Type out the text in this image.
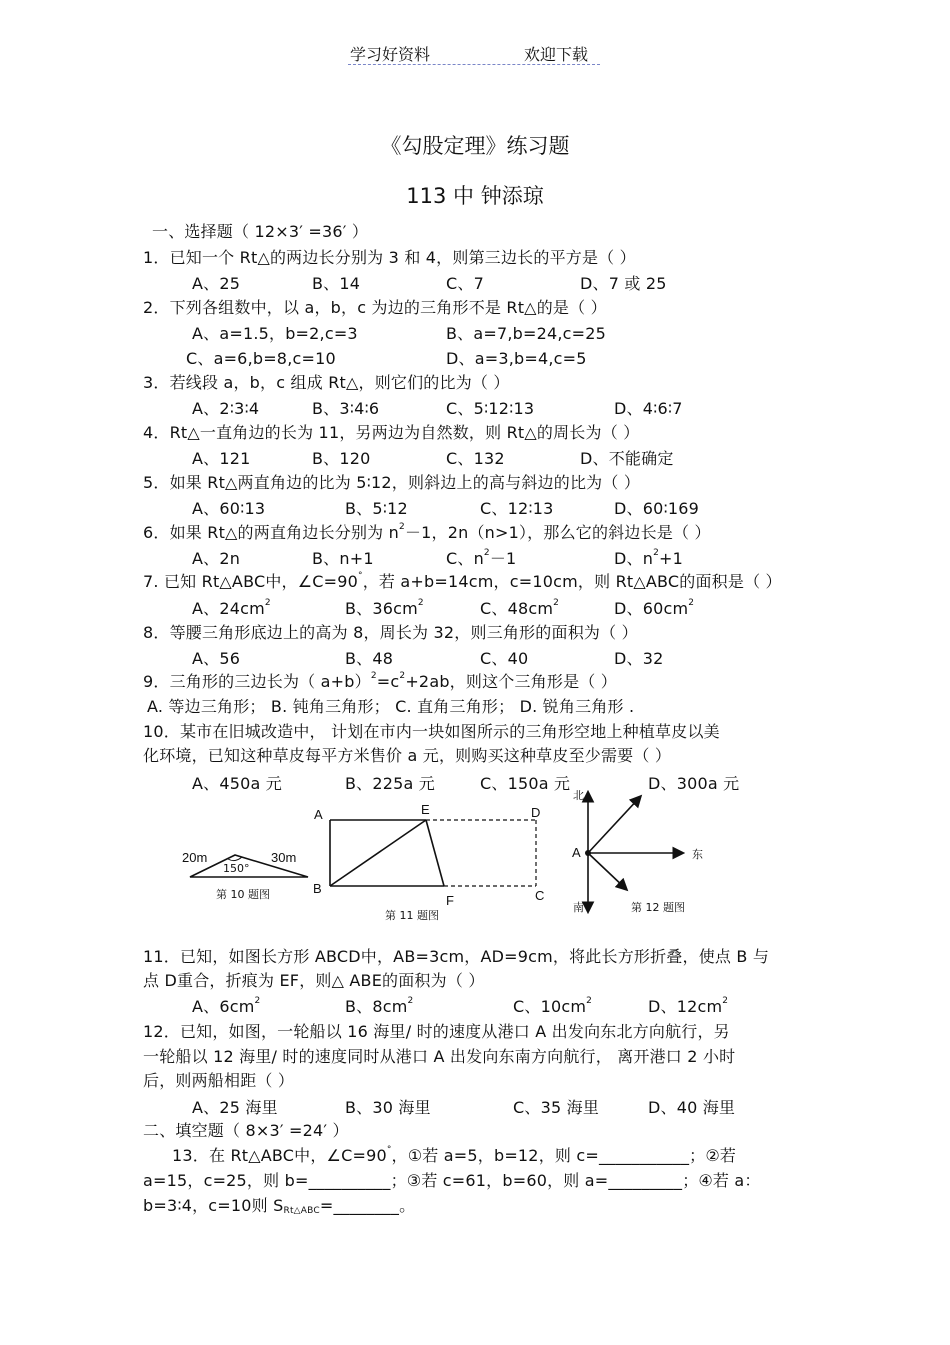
学习好资料	欢迎下载
《勾股定理》练习题
113 中 钟添琼
一、选择题（ 12×3′ =36′ ）
1．已知一个 Rt△的两边长分别为 3 和 4，则第三边长的平方是（ ）
A、25	B、14	C、7	D、7 或 25
2．下列各组数中，以 a，b，c 为边的三角形不是 Rt△的是（ ）
A、a=1.5，b=2,c=3	B、a=7,b=24,c=25
C、a=6,b=8,c=10	D、a=3,b=4,c=5
3．若线段 a，b，c 组成 Rt△，则它们的比为（ ）
A、2∶3∶4	B、3∶4∶6	C、5∶12∶13	D、4∶6∶7
4．Rt△一直角边的长为 11，另两边为自然数，则 Rt△的周长为（ ）
A、121	B、120	C、132	D、不能确定
5．如果 Rt△两直角边的比为 5∶12，则斜边上的高与斜边的比为（ ）
A、60∶13	B、5∶12	C、12∶13	D、60∶169
6．如果 Rt△的两直角边长分别为 $n^2-1$，2n（n>1），那么它的斜边长是（ ）
A、2n	B、n+1	C、$n^2-1$	D、$n^2+1$
7. 已知 Rt△ABC中，∠C=90°，若 a+b=14cm，c=10cm，则 Rt△ABC的面积是（ ）
A、$24cm^2$	B、$36cm^2$	C、$48cm^2$	D、$60cm^2$
8．等腰三角形底边上的高为 8，周长为 32，则三角形的面积为（ ）
A、56	B、48	C、40	D、32
9．三角形的三边长为（ $a+b)^2=c^2+2ab$，则这个三角形是（ ）
A. 等边三角形； B. 钝角三角形； C. 直角三角形； D. 锐角三角形 .
10．某市在旧城改造中， 计划在市内一块如图所示的三角形空地上种植草皮以美
化环境，已知这种草皮每平方米售价 a 元，则购买这种草皮至少需要（ ）
A、450a 元	B、225a 元	C、150a 元	D、300a 元
20m	30m
150°
第 10 题图
A
B	C
D
E
F
第 11 题图
北
南
东
A
第 12 题图
11．已知，如图长方形 ABCD中，AB=3cm，AD=9cm，将此长方形折叠，使点 B 与
点 D重合，折痕为 EF，则△ ABE的面积为（ ）
A、$6cm^2$	B、$8cm^2$	C、$10cm^2$	D、$12cm^2$
12．已知，如图，一轮船以 16 海里/ 时的速度从港口 A 出发向东北方向航行，另
一轮船以 12 海里/ 时的速度同时从港口 A 出发向东南方向航行， 离开港口 2 小时
后，则两船相距（ ）
A、25 海里	B、30 海里	C、35 海里	D、40 海里
二、填空题（ 8×3′ =24′ ）
13．在 Rt△ABC中，∠C=90°，①若 a=5，b=12，则 c=___________；②若
a=15，c=25，则 b=__________；③若 c=61，b=60，则 a=_________；④若 a：
b=3∶4，c=10则 $S_{Rt\triangle ABC}=\_\_\_\_\_\_\_\_$。
